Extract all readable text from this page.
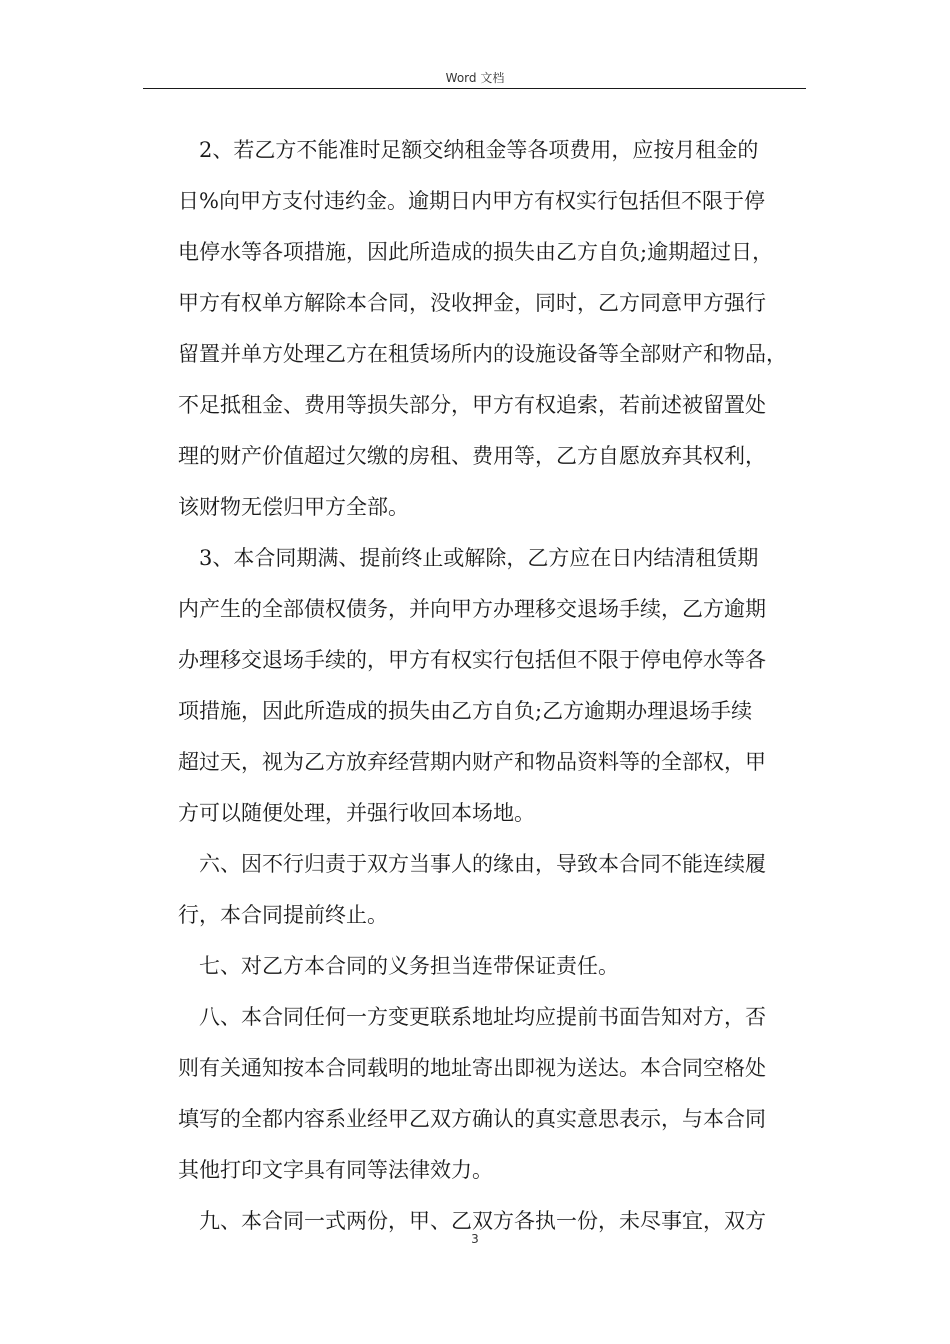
Word 文档
2、若乙方不能准时足额交纳租金等各项费用，应按月租金的
日%向甲方支付违约金。逾期日内甲方有权实行包括但不限于停
电停水等各项措施，因此所造成的损失由乙方自负;逾期超过日，
甲方有权单方解除本合同，没收押金，同时，乙方同意甲方强行
留置并单方处理乙方在租赁场所内的设施设备等全部财产和物品，
不足抵租金、费用等损失部分，甲方有权追索，若前述被留置处
理的财产价值超过欠缴的房租、费用等，乙方自愿放弃其权利，
该财物无偿归甲方全部。
3、本合同期满、提前终止或解除，乙方应在日内结清租赁期
内产生的全部债权债务，并向甲方办理移交退场手续，乙方逾期
办理移交退场手续的，甲方有权实行包括但不限于停电停水等各
项措施，因此所造成的损失由乙方自负;乙方逾期办理退场手续
超过天，视为乙方放弃经营期内财产和物品资料等的全部权，甲
方可以随便处理，并强行收回本场地。
六、因不行归责于双方当事人的缘由，导致本合同不能连续履
行，本合同提前终止。
七、对乙方本合同的义务担当连带保证责任。
八、本合同任何一方变更联系地址均应提前书面告知对方，否
则有关通知按本合同载明的地址寄出即视为送达。本合同空格处
填写的全都内容系业经甲乙双方确认的真实意思表示，与本合同
其他打印文字具有同等法律效力。
九、本合同一式两份，甲、乙双方各执一份，未尽事宜，双方
3
